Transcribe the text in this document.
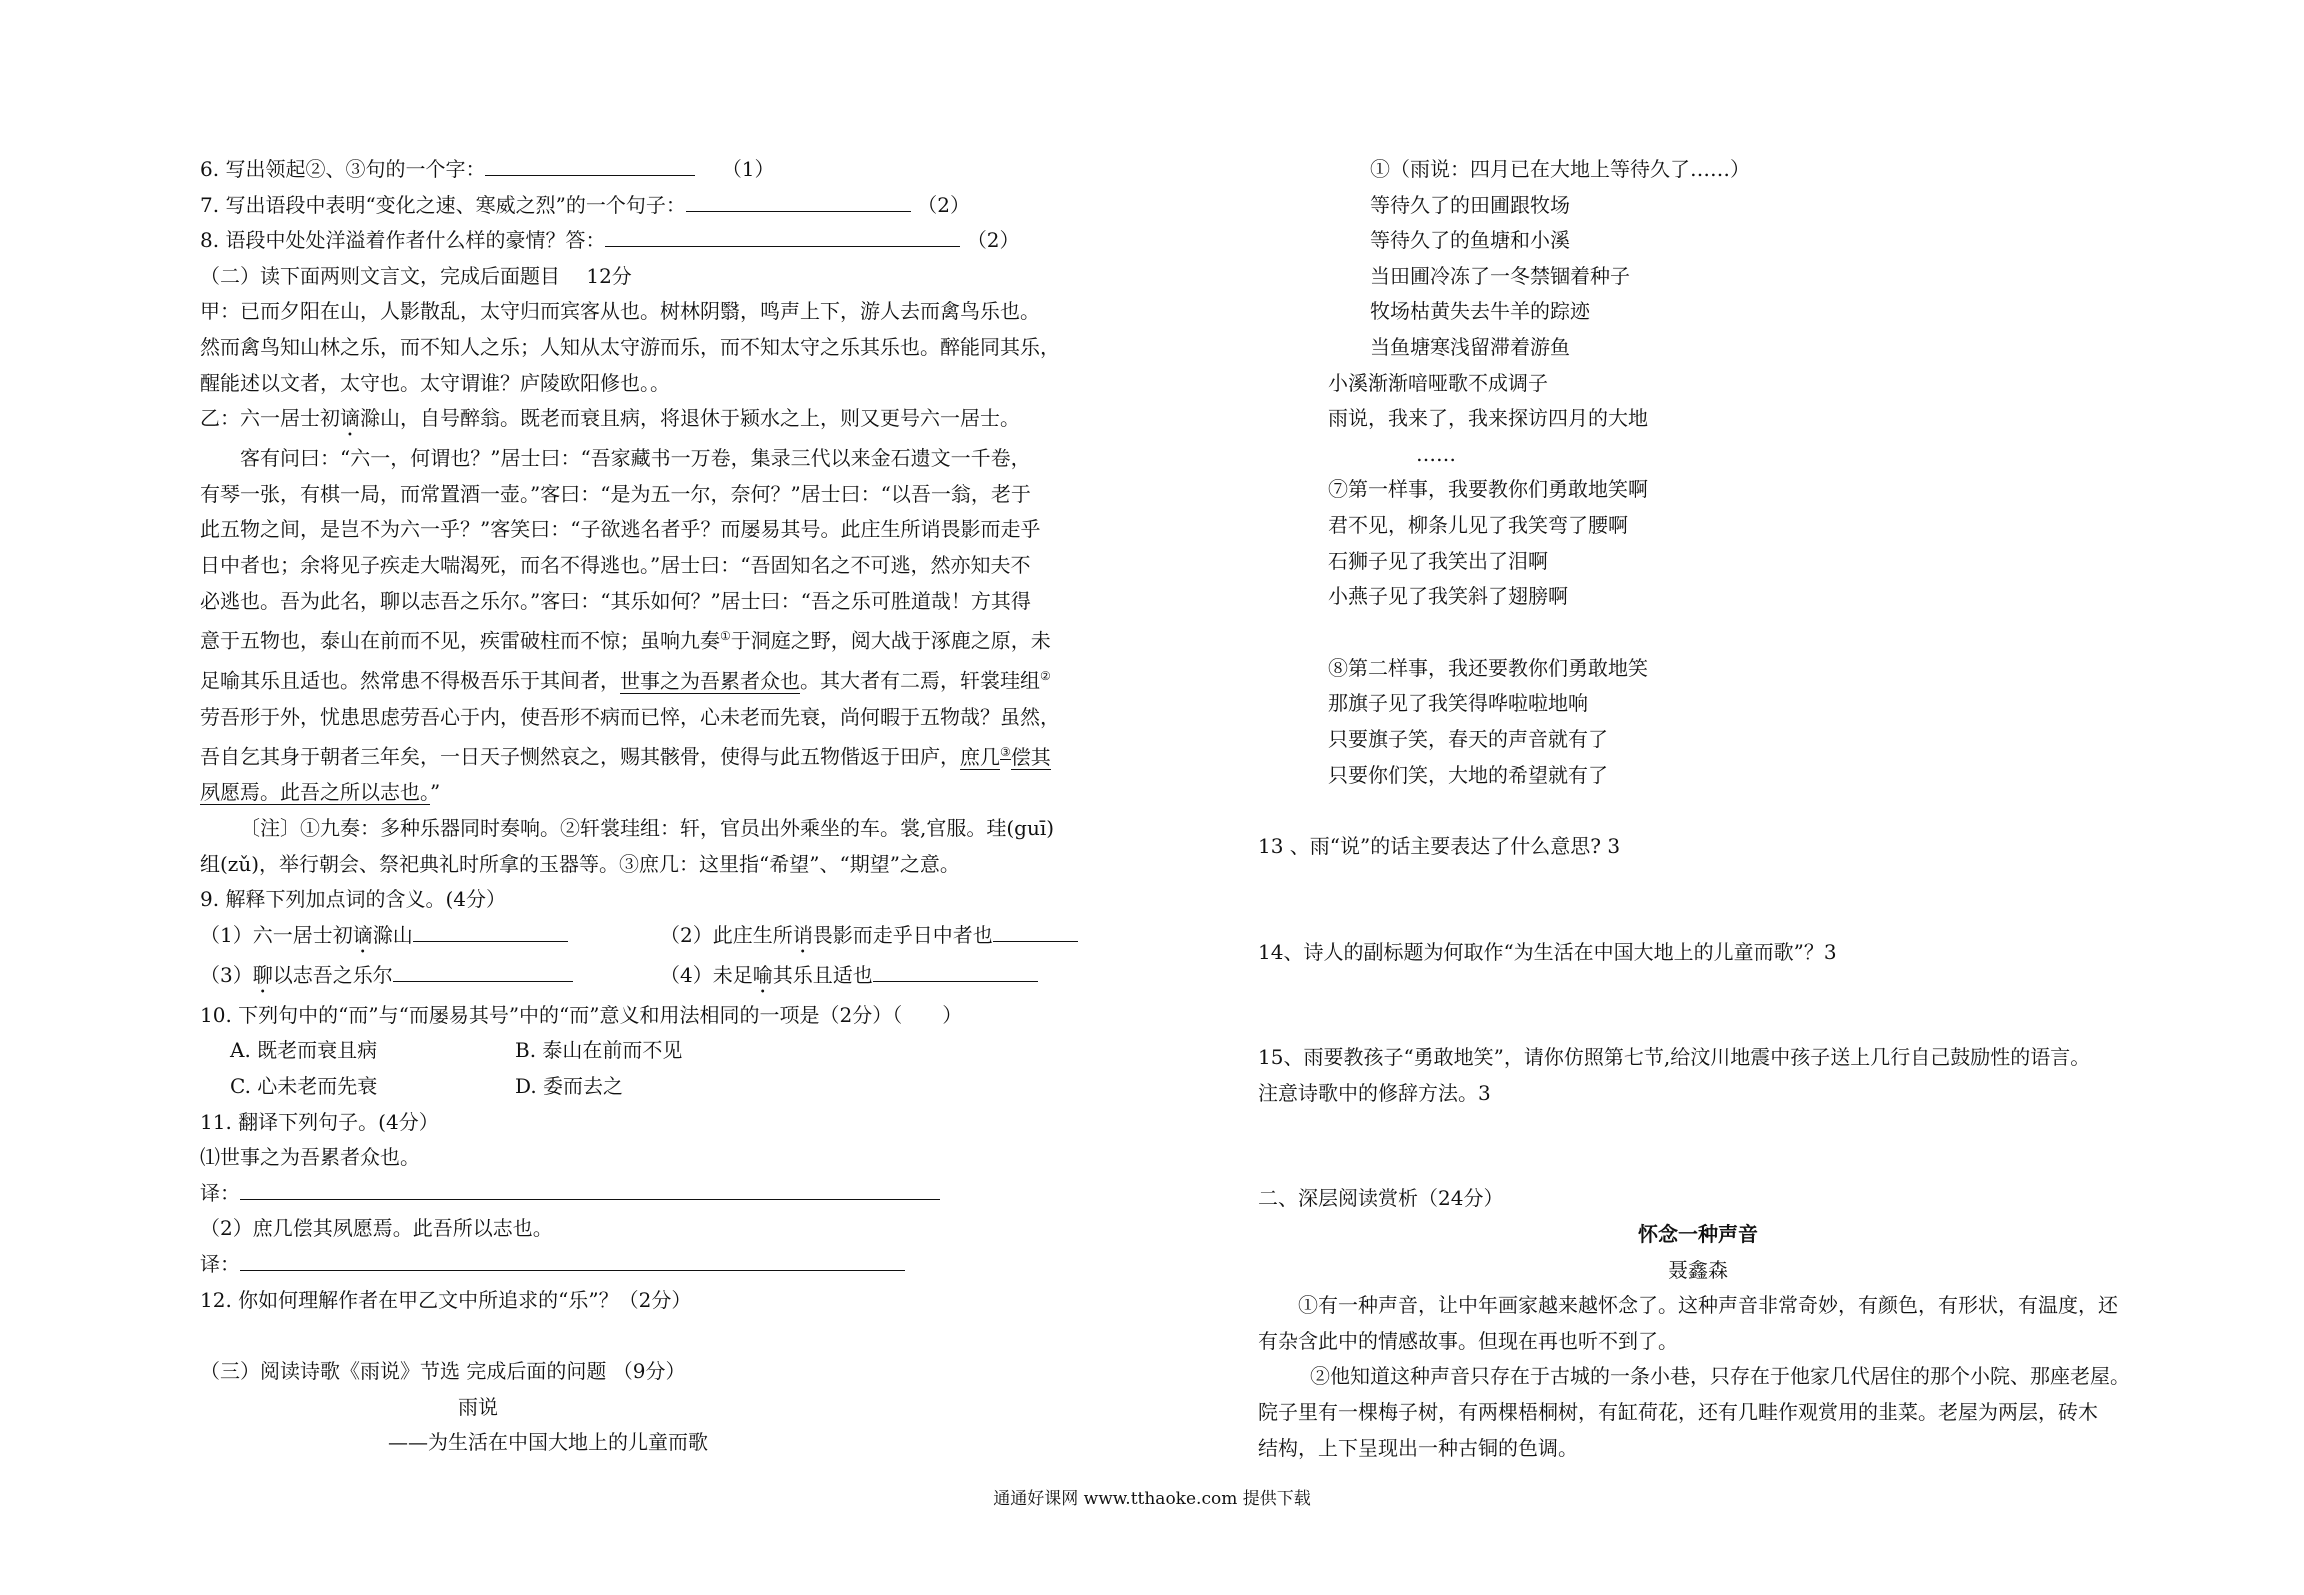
6. 写出领起②、③句的一个字：　	（1）
7. 写出语段中表明“变化之速、寒威之烈”的一个句子：	（2）
8. 语段中处处洋溢着作者什么样的豪情？答：	（2）
（二）读下面两则文言文，完成后面题目　 12分
甲：已而夕阳在山，人影散乱，太守归而宾客从也。树林阴翳，鸣声上下，游人去而禽鸟乐也。
然而禽鸟知山林之乐，而不知人之乐；人知从太守游而乐，而不知太守之乐其乐也。醉能同其乐，
醒能述以文者，太守也。太守谓谁？庐陵欧阳修也。。
乙：六一居士初谪滁山，自号醉翁。既老而衰且病，将退休于颍水之上，则又更号六一居士。
客有问曰：“六一，何谓也？”居士曰：“吾家藏书一万卷，集录三代以来金石遗文一千卷，
有琴一张，有棋一局，而常置酒一壶。”客曰：“是为五一尔，奈何？”居士曰：“以吾一翁，老于
此五物之间，是岂不为六一乎？”客笑曰：“子欲逃名者乎？而屡易其号。此庄生所诮畏影而走乎
日中者也；余将见子疾走大喘渴死，而名不得逃也。”居士曰：“吾固知名之不可逃，然亦知夫不
必逃也。吾为此名，聊以志吾之乐尔。”客曰：“其乐如何？”居士曰：“吾之乐可胜道哉！方其得
意于五物也，泰山在前而不见，疾雷破柱而不惊；虽响九奏①于洞庭之野，阅大战于涿鹿之原，未
足喻其乐且适也。然常患不得极吾乐于其间者，世事之为吾累者众也。其大者有二焉，轩裳珪组②
劳吾形于外，忧患思虑劳吾心于内，使吾形不病而已悴，心未老而先衰，尚何暇于五物哉？虽然，
吾自乞其身于朝者三年矣，一日天子恻然哀之，赐其骸骨，使得与此五物偕返于田庐，庶几③偿其
夙愿焉。此吾之所以志也。”
〔注〕①九奏：多种乐器同时奏响。②轩裳珪组：轩，官员出外乘坐的车。裳,官服。珪(guī)
组(zǔ)，举行朝会、祭祀典礼时所拿的玉器等。③庶几：这里指“希望”、“期望”之意。
9. 解释下列加点词的含义。(4分）
（1）六一居士初谪滁山	（2）此庄生所诮畏影而走乎日中者也
（3）聊以志吾之乐尔	（4）未足喻其乐且适也
10. 下列句中的“而”与“而屡易其号”中的“而”意义和用法相同的一项是（2分）（　　）
A. 既老而衰且病	B. 泰山在前而不见
C. 心未老而先衰	D. 委而去之
11. 翻译下列句子。(4分）
⑴世事之为吾累者众也。
译：
（2）庶几偿其夙愿焉。此吾所以志也。
译：
12. 你如何理解作者在甲乙文中所追求的“乐”？（2分）
（三）阅读诗歌《雨说》节选 完成后面的问题 （9分）
雨说
——为生活在中国大地上的儿童而歌
①（雨说：四月已在大地上等待久了……）
等待久了的田圃跟牧场
等待久了的鱼塘和小溪
当田圃冷冻了一冬禁锢着种子
牧场枯黄失去牛羊的踪迹
当鱼塘寒浅留滞着游鱼
小溪渐渐喑哑歌不成调子
雨说，我来了，我来探访四月的大地
……
⑦第一样事，我要教你们勇敢地笑啊
君不见，柳条儿见了我笑弯了腰啊
石狮子见了我笑出了泪啊
小燕子见了我笑斜了翅膀啊
⑧第二样事，我还要教你们勇敢地笑
那旗子见了我笑得哗啦啦地响
只要旗子笑，春天的声音就有了
只要你们笑，大地的希望就有了
13 、雨“说”的话主要表达了什么意思? 3
14、诗人的副标题为何取作“为生活在中国大地上的儿童而歌”？3
15、雨要教孩子“勇敢地笑”，请你仿照第七节,给汶川地震中孩子送上几行自己鼓励性的语言。
注意诗歌中的修辞方法。3
二、深层阅读赏析（24分）
怀念一种声音
聂鑫森
①有一种声音，让中年画家越来越怀念了。这种声音非常奇妙，有颜色，有形状，有温度，还
有杂含此中的情感故事。但现在再也听不到了。
②他知道这种声音只存在于古城的一条小巷，只存在于他家几代居住的那个小院、那座老屋。
院子里有一棵梅子树，有两棵梧桐树，有缸荷花，还有几畦作观赏用的韭菜。老屋为两层，砖木
结构，上下呈现出一种古铜的色调。
通通好课网 www.tthaoke.com 提供下载
